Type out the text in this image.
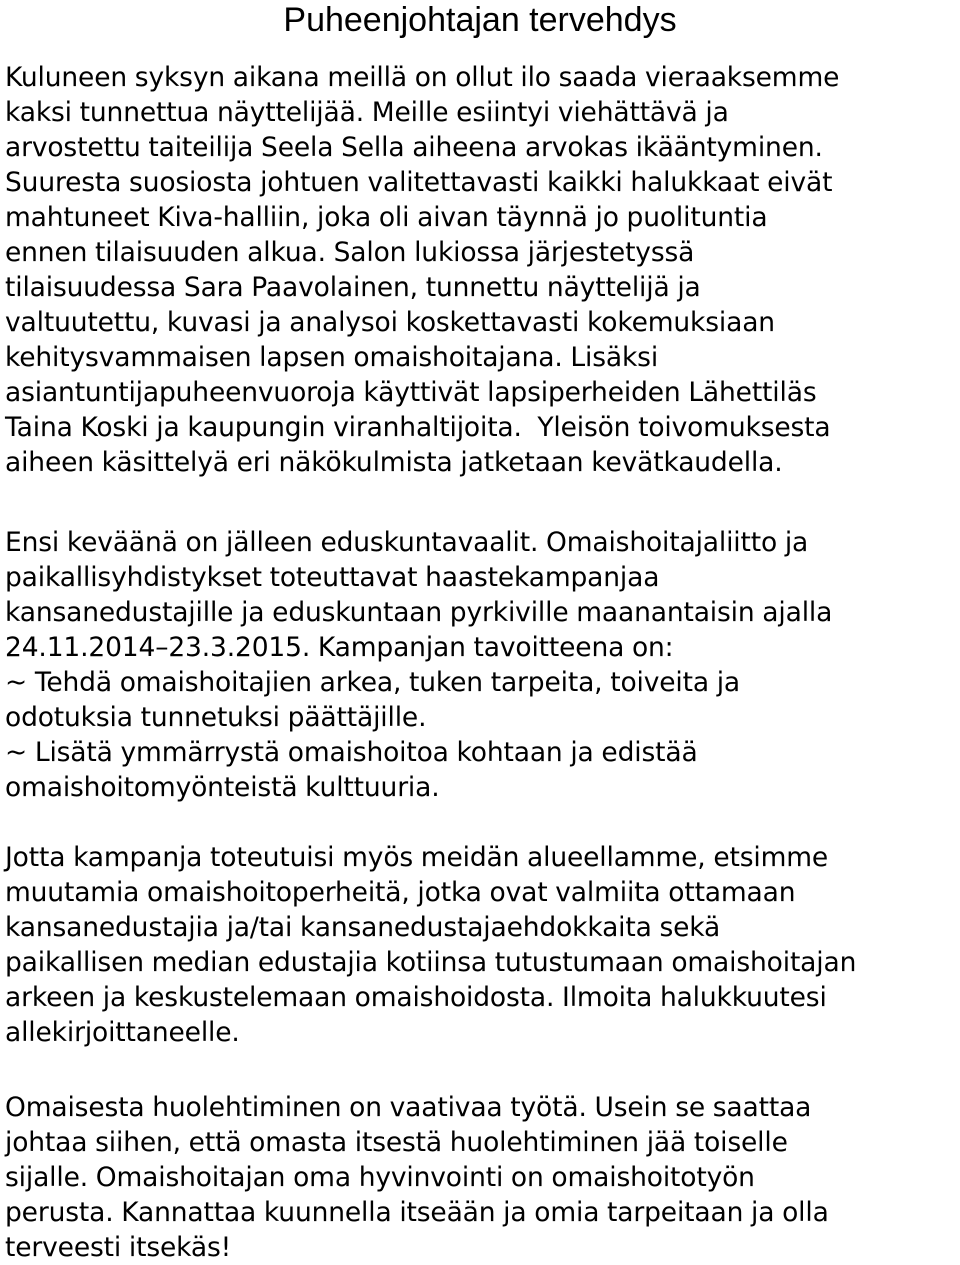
Puheenjohtajan tervehdys
Kuluneen syksyn aikana meillä on ollut ilo saada vieraaksemme
kaksi tunnettua näyttelijää. Meille esiintyi viehättävä ja
arvostettu taiteilija Seela Sella aiheena arvokas ikääntyminen.
Suuresta suosiosta johtuen valitettavasti kaikki halukkaat eivät
mahtuneet Kiva-halliin, joka oli aivan täynnä jo puolituntia
ennen tilaisuuden alkua. Salon lukiossa järjestetyssä
tilaisuudessa Sara Paavolainen, tunnettu näyttelijä ja
valtuutettu, kuvasi ja analysoi koskettavasti kokemuksiaan
kehitysvammaisen lapsen omaishoitajana. Lisäksi
asiantuntijapuheenvuoroja käyttivät lapsiperheiden Lähettiläs
Taina Koski ja kaupungin viranhaltijoita.  Yleisön toivomuksesta
aiheen käsittelyä eri näkökulmista jatketaan kevätkaudella.
Ensi keväänä on jälleen eduskuntavaalit. Omaishoitajaliitto ja
paikallisyhdistykset toteuttavat haastekampanjaa
kansanedustajille ja eduskuntaan pyrkiville maanantaisin ajalla
24.11.2014–23.3.2015. Kampanjan tavoitteena on:
~ Tehdä omaishoitajien arkea, tuken tarpeita, toiveita ja
odotuksia tunnetuksi päättäjille.
~ Lisätä ymmärrystä omaishoitoa kohtaan ja edistää
omaishoitomyönteistä kulttuuria.
Jotta kampanja toteutuisi myös meidän alueellamme, etsimme
muutamia omaishoitoperheitä, jotka ovat valmiita ottamaan
kansanedustajia ja/tai kansanedustajaehdokkaita sekä
paikallisen median edustajia kotiinsa tutustumaan omaishoitajan
arkeen ja keskustelemaan omaishoidosta. Ilmoita halukkuutesi
allekirjoittaneelle.
Omaisesta huolehtiminen on vaativaa työtä. Usein se saattaa
johtaa siihen, että omasta itsestä huolehtiminen jää toiselle
sijalle. Omaishoitajan oma hyvinvointi on omaishoitotyön
perusta. Kannattaa kuunnella itseään ja omia tarpeitaan ja olla
terveesti itsekäs!
